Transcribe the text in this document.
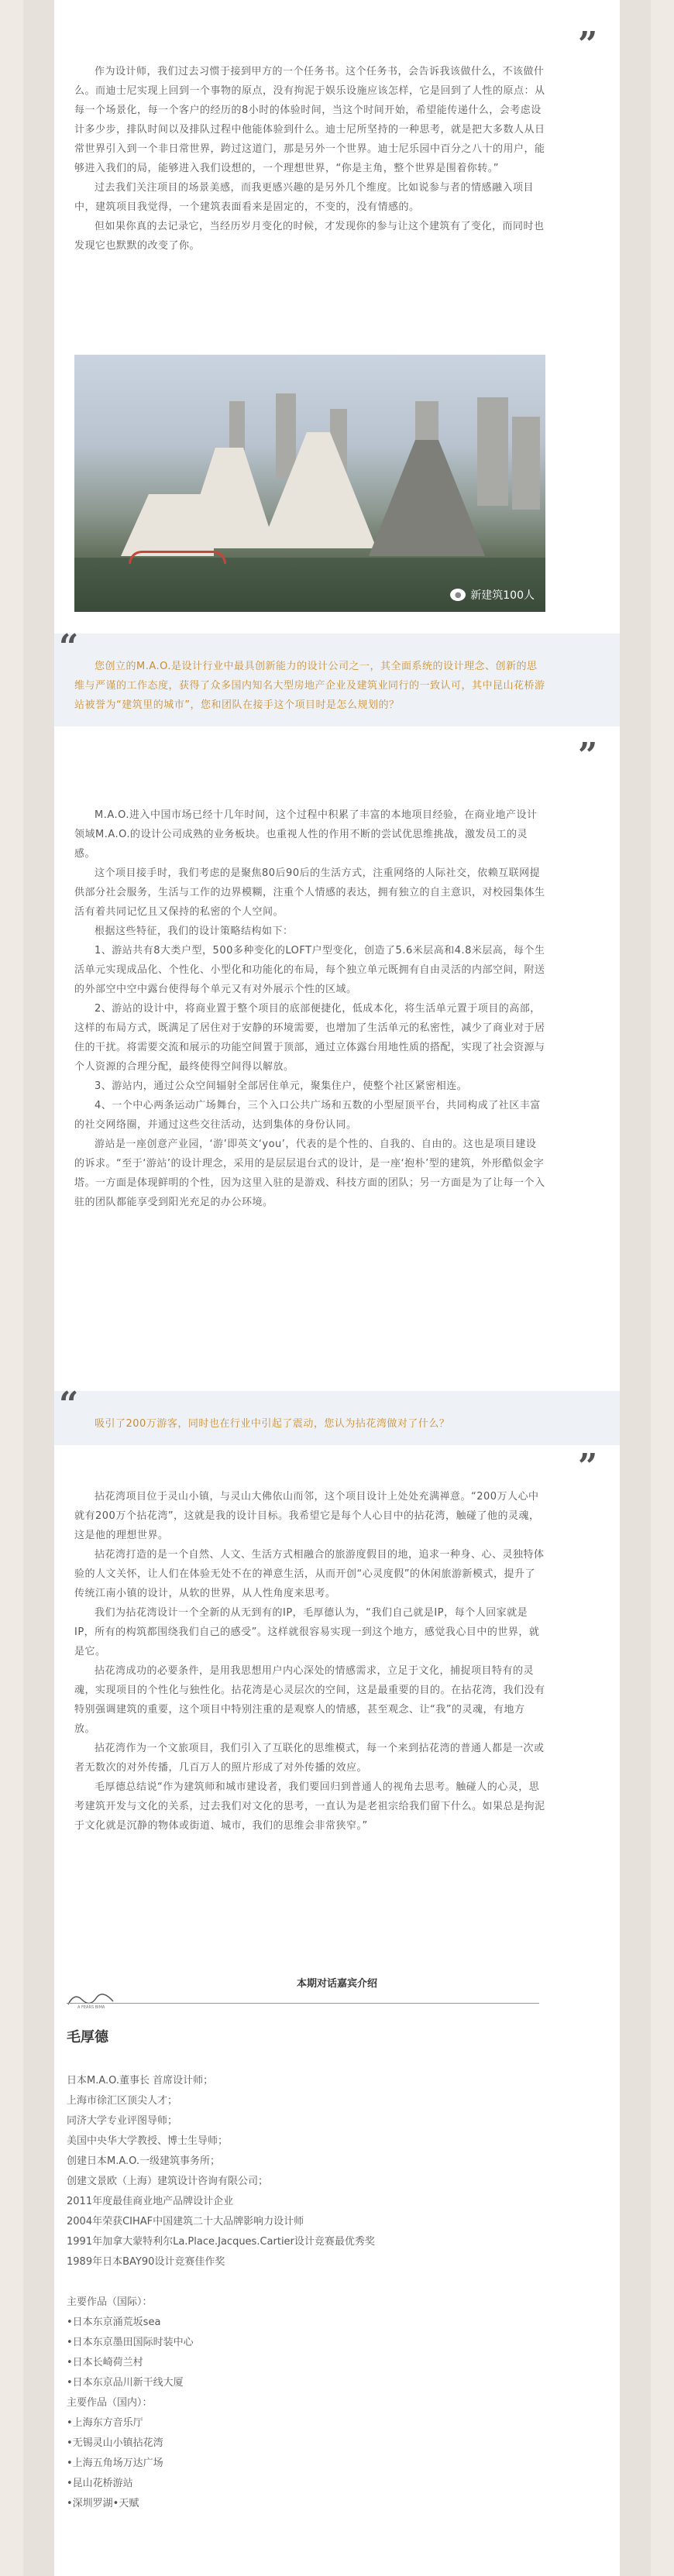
”

作为设计师，我们过去习惯于接到甲方的一个任务书。这个任务书，会告诉我该做什么，不该做什么。而迪士尼实现上回到一个事物的原点，没有拘泥于娱乐设施应该怎样，它是回到了人性的原点：从每一个场景化，每一个客户的经历的8小时的体验时间，当这个时间开始，希望能传递什么，会考虑设计多少步，排队时间以及排队过程中他能体验到什么。迪士尼所坚持的一种思考，就是把大多数人从日常世界引入到一个非日常世界，跨过这道门，那是另外一个世界。迪士尼乐园中百分之八十的用户，能够进入我们的局，能够进入我们设想的，一个理想世界，“你是主角，整个世界是围着你转。”

过去我们关注项目的场景美感，而我更感兴趣的是另外几个维度。比如说参与者的情感融入项目中，建筑项目我觉得，一个建筑表面看来是固定的，不变的，没有情感的。

但如果你真的去记录它，当经历岁月变化的时候，才发现你的参与让这个建筑有了变化，而同时也发现它也默默的改变了你。

● 新建筑100人
“	您创立的M.A.O.是设计行业中最具创新能力的设计公司之一，其全面系统的设计理念、创新的思维与严谨的工作态度，获得了众多国内知名大型房地产企业及建筑业同行的一致认可，其中昆山花桥游站被誉为“建筑里的城市”，您和团队在接手这个项目时是怎么规划的？

”

M.A.O.进入中国市场已经十几年时间，这个过程中积累了丰富的本地项目经验，在商业地产设计领域M.A.O.的设计公司成熟的业务板块。也重视人性的作用不断的尝试优思维挑战，激发员工的灵感。

这个项目接手时，我们考虑的是聚焦80后90后的生活方式，注重网络的人际社交，依赖互联网提供部分社会服务，生活与工作的边界模糊，注重个人情感的表达，拥有独立的自主意识，对校园集体生活有着共同记忆且又保持的私密的个人空间。

根据这些特征，我们的设计策略结构如下：

1、游站共有8大类户型，500多种变化的LOFT户型变化，创造了5.6米层高和4.8米层高，每个生活单元实现成品化、个性化、小型化和功能化的布局，每个独立单元既拥有自由灵活的内部空间，附送的外部空中空中露台使得每个单元又有对外展示个性的区域。

2、游站的设计中，将商业置于整个项目的底部便捷化，低成本化，将生活单元置于项目的高部，这样的布局方式，既满足了居住对于安静的环境需要，也增加了生活单元的私密性，减少了商业对于居住的干扰。将需要交流和展示的功能空间置于顶部，通过立体露台用地性质的搭配，实现了社会资源与个人资源的合理分配，最终使得空间得以解放。

3、游站内，通过公众空间辐射全部居住单元，聚集住户，使整个社区紧密相连。

4、一个中心两条运动广场舞台，三个入口公共广场和五数的小型屋顶平台，共同构成了社区丰富的社交网络圈，并通过这些交往活动，达到集体的身份认同。

游站是一座创意产业园，‘游’即英文‘you’，代表的是个性的、自我的、自由的。这也是项目建设的诉求。“至于‘游站’的设计理念，采用的是层层退台式的设计，是一座‘抱朴’型的建筑，外形酷似金字塔。一方面是体现鲜明的个性，因为这里入驻的是游戏、科技方面的团队；另一方面是为了让每一个入驻的团队都能享受到阳光充足的办公环境。

“	吸引了200万游客，同时也在行业中引起了震动，您认为拈花湾做对了什么？

”

拈花湾项目位于灵山小镇，与灵山大佛依山而邻，这个项目设计上处处充满禅意。“200万人心中就有200万个拈花湾”，这就是我的设计目标。我希望它是每个人心目中的拈花湾，触碰了他的灵魂，这是他的理想世界。

拈花湾打造的是一个自然、人文、生活方式相融合的旅游度假目的地，追求一种身、心、灵独特体验的人文关怀，让人们在体验无处不在的禅意生活，从而开创“心灵度假”的休闲旅游新模式，提升了传统江南小镇的设计，从软的世界，从人性角度来思考。

我们为拈花湾设计一个全新的从无到有的IP，毛厚德认为，“我们自己就是IP，每个人回家就是IP，所有的构筑都围绕我们自己的感受”。这样就很容易实现一到这个地方，感觉我心目中的世界，就是它。

拈花湾成功的必要条件，是用我思想用户内心深处的情感需求，立足于文化，捕捉项目特有的灵魂，实现项目的个性化与独性化。拈花湾是心灵层次的空间，这是最重要的目的。在拈花湾，我们没有特别强调建筑的重要，这个项目中特别注重的是观察人的情感，甚至观念、让“我”的灵魂，有地方放。

拈花湾作为一个文旅项目，我们引入了互联化的思维模式，每一个来到拈花湾的普通人都是一次或者无数次的对外传播，几百万人的照片形成了对外传播的效应。

毛厚德总结说“作为建筑师和城市建设者，我们要回归到普通人的视角去思考。触碰人的心灵，思考建筑开发与文化的关系，过去我们对文化的思考，一直认为是老祖宗给我们留下什么。如果总是拘泥于文化就是沉静的物体或街道、城市，我们的思维会非常狭窄。”

本期对话嘉宾介绍
A FEARS BIMA
毛厚德
日本M.A.O.董事长 首席设计师；
上海市徐汇区顶尖人才；
同济大学专业评图导师；
美国中央华大学教授、博士生导师；
创建日本M.A.O.一级建筑事务所；
创建文景欧（上海）建筑设计咨询有限公司；
2011年度最佳商业地产品牌设计企业
2004年荣获CIHAF中国建筑二十大品牌影响力设计师
1991年加拿大蒙特利尔La.Place.Jacques.Cartier设计竞赛最优秀奖
1989年日本BAY90设计竞赛佳作奖
主要作品（国际）：
•日本东京涌荒坂sea
•日本东京墨田国际时装中心
•日本长崎荷兰村
•日本东京品川新干线大厦
主要作品（国内）：
•上海东方音乐厅
•无锡灵山小镇拈花湾
•上海五角场万达广场
•昆山花桥游站
•深圳罗湖•天赋
